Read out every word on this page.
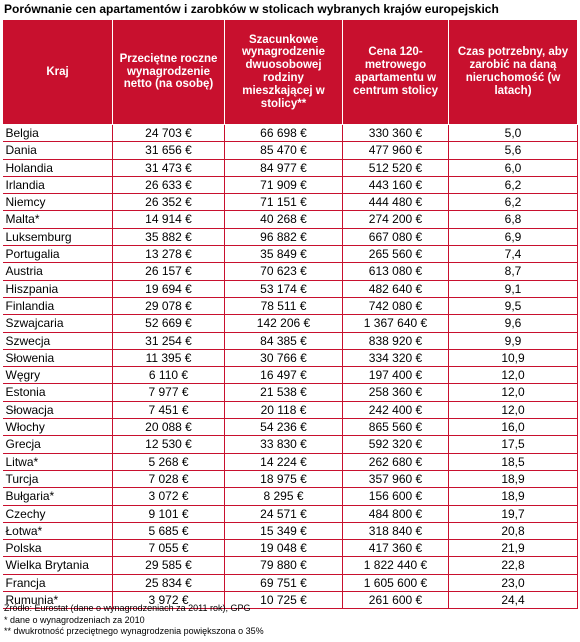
Porównanie cen apartamentów i zarobków w stolicach wybranych krajów europejskich
Kraj	Przeciętne roczne wynagrodzenie netto (na osobę)	Szacunkowe wynagrodzenie dwuosobowej rodziny mieszkającej w stolicy**	Cena 120-metrowego apartamentu w centrum stolicy	Czas potrzebny, aby zarobić na daną nieruchomość (w latach)
Belgia	24 703 €	66 698 €	330 360 €	5,0
Dania	31 656 €	85 470 €	477 960 €	5,6
Holandia	31 473 €	84 977 €	512 520 €	6,0
Irlandia	26 633 €	71 909 €	443 160 €	6,2
Niemcy	26 352 €	71 151 €	444 480 €	6,2
Malta*	14 914 €	40 268 €	274 200 €	6,8
Luksemburg	35 882 €	96 882 €	667 080 €	6,9
Portugalia	13 278 €	35 849 €	265 560 €	7,4
Austria	26 157 €	70 623 €	613 080 €	8,7
Hiszpania	19 694 €	53 174 €	482 640 €	9,1
Finlandia	29 078 €	78 511 €	742 080 €	9,5
Szwajcaria	52 669 €	142 206 €	1 367 640 €	9,6
Szwecja	31 254 €	84 385 €	838 920 €	9,9
Słowenia	11 395 €	30 766 €	334 320 €	10,9
Węgry	6 110 €	16 497 €	197 400 €	12,0
Estonia	7 977 €	21 538 €	258 360 €	12,0
Słowacja	7 451 €	20 118 €	242 400 €	12,0
Włochy	20 088 €	54 236 €	865 560 €	16,0
Grecja	12 530 €	33 830 €	592 320 €	17,5
Litwa*	5 268 €	14 224 €	262 680 €	18,5
Turcja	7 028 €	18 975 €	357 960 €	18,9
Bułgaria*	3 072 €	8 295 €	156 600 €	18,9
Czechy	9 101 €	24 571 €	484 800 €	19,7
Łotwa*	5 685 €	15 349 €	318 840 €	20,8
Polska	7 055 €	19 048 €	417 360 €	21,9
Wielka Brytania	29 585 €	79 880 €	1 822 440 €	22,8
Francja	25 834 €	69 751 €	1 605 600 €	23,0
Rumunia*	3 972 €	10 725 €	261 600 €	24,4
Źródło: Eurostat (dane o wynagrodzeniach za 2011 rok), GPG
* dane o wynagrodzeniach za 2010
** dwukrotność przeciętnego wynagrodzenia powiększona o 35%
